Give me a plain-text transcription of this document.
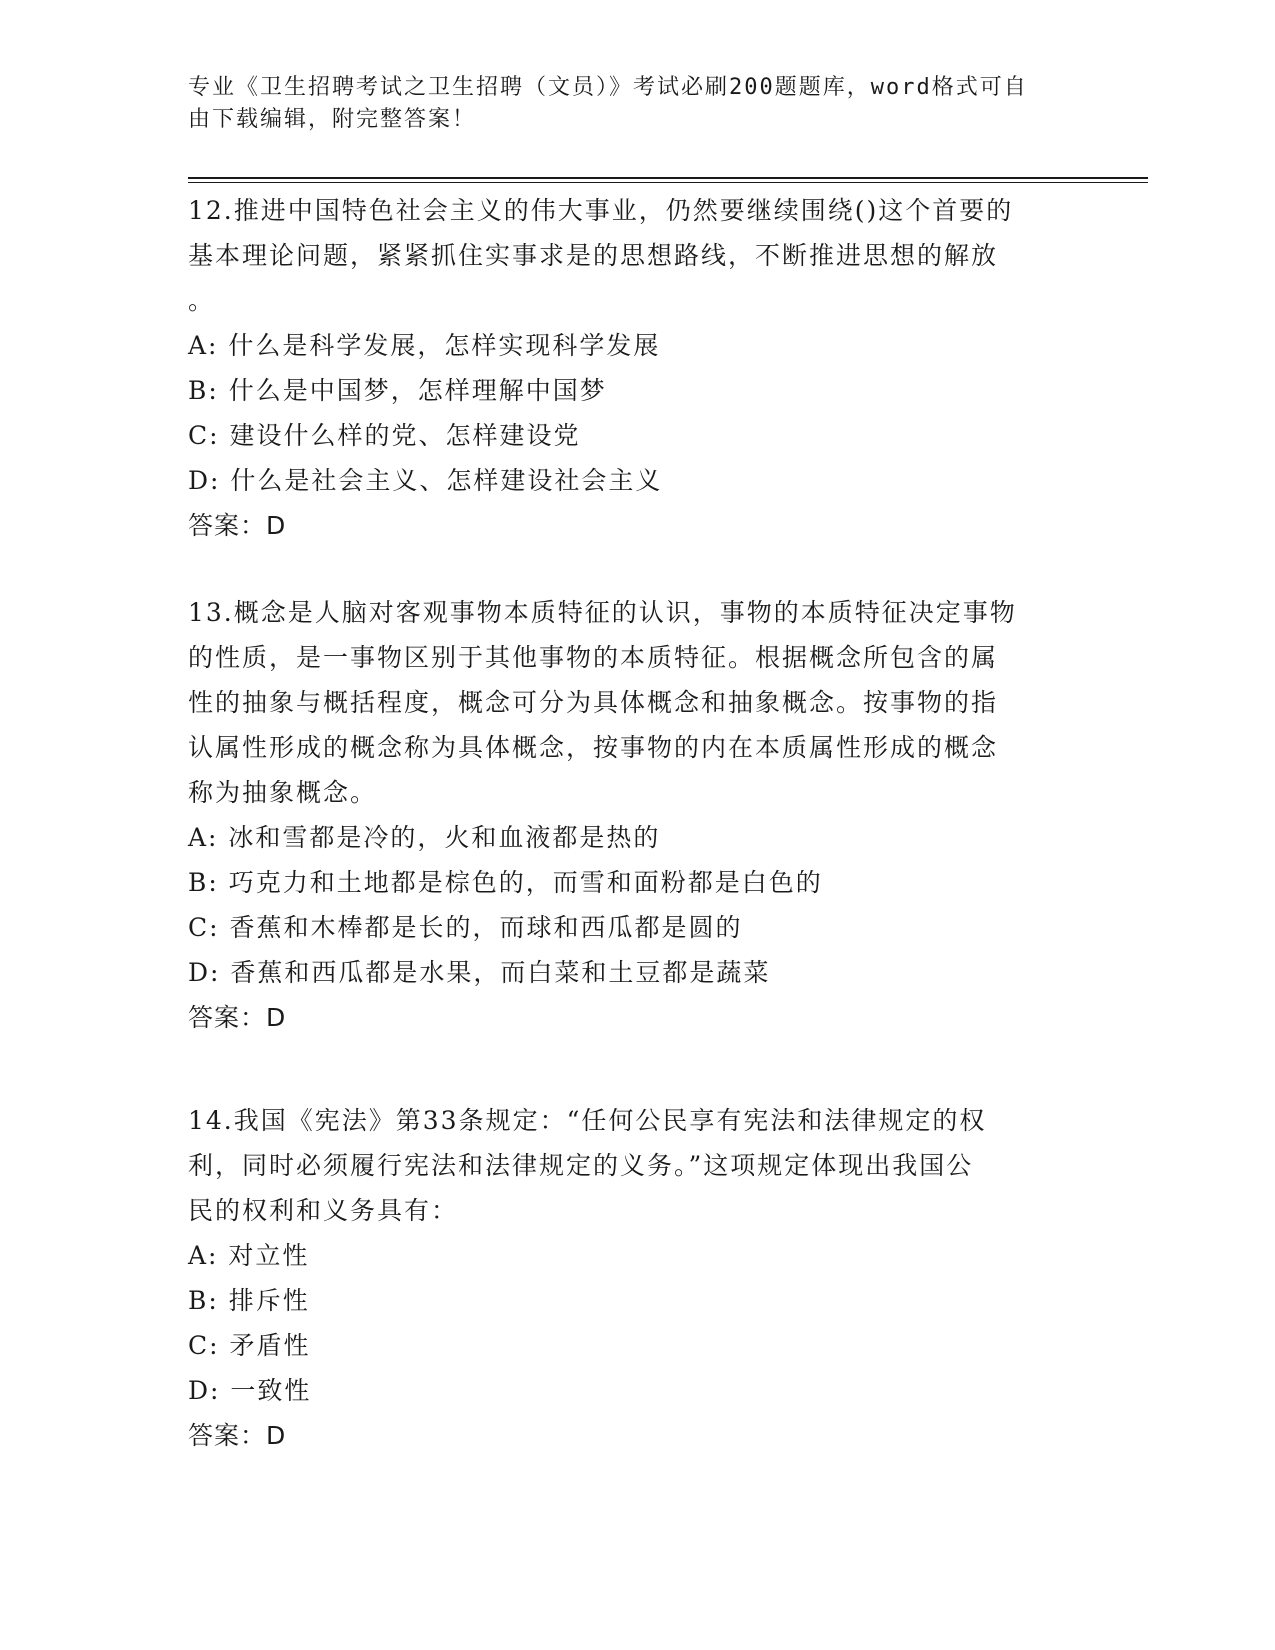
专业《卫生招聘考试之卫生招聘（文员）》考试必刷200题题库，word格式可自
由下载编辑，附完整答案！

12.推进中国特色社会主义的伟大事业，仍然要继续围绕()这个首要的

基本理论问题，紧紧抓住实事求是的思想路线，不断推进思想的解放

。

A: 什么是科学发展，怎样实现科学发展

B: 什么是中国梦，怎样理解中国梦

C: 建设什么样的党、怎样建设党

D: 什么是社会主义、怎样建设社会主义

答案：D

13.概念是人脑对客观事物本质特征的认识，事物的本质特征决定事物

的性质，是一事物区别于其他事物的本质特征。根据概念所包含的属

性的抽象与概括程度，概念可分为具体概念和抽象概念。按事物的指

认属性形成的概念称为具体概念，按事物的内在本质属性形成的概念

称为抽象概念。

A: 冰和雪都是冷的，火和血液都是热的

B: 巧克力和土地都是棕色的，而雪和面粉都是白色的

C: 香蕉和木棒都是长的，而球和西瓜都是圆的

D: 香蕉和西瓜都是水果，而白菜和土豆都是蔬菜

答案：D

14.我国《宪法》第33条规定：“任何公民享有宪法和法律规定的权

利，同时必须履行宪法和法律规定的义务。”这项规定体现出我国公

民的权利和义务具有：

A: 对立性

B: 排斥性

C: 矛盾性

D: 一致性

答案：D
